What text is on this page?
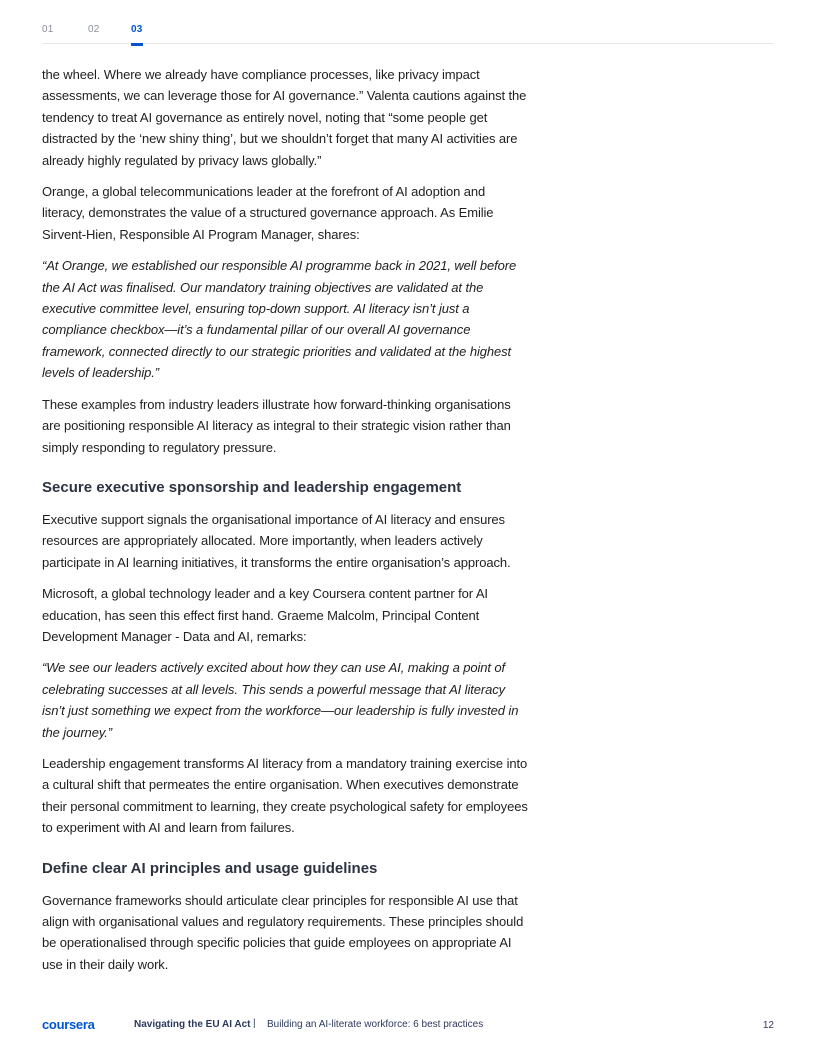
01	02	03

the wheel. Where we already have compliance processes, like privacy impact assessments, we can leverage those for AI governance.” Valenta cautions against the tendency to treat AI governance as entirely novel, noting that “some people get distracted by the ‘new shiny thing’, but we shouldn’t forget that many AI activities are already highly regulated by privacy laws globally.”

Orange, a global telecommunications leader at the forefront of AI adoption and literacy, demonstrates the value of a structured governance approach. As Emilie Sirvent-Hien, Responsible AI Program Manager, shares:

“At Orange, we established our responsible AI programme back in 2021, well before the AI Act was finalised. Our mandatory training objectives are validated at the executive committee level, ensuring top-down support. AI literacy isn’t just a compliance checkbox—it’s a fundamental pillar of our overall AI governance framework, connected directly to our strategic priorities and validated at the highest levels of leadership.”

These examples from industry leaders illustrate how forward-thinking organisations are positioning responsible AI literacy as integral to their strategic vision rather than simply responding to regulatory pressure.

Secure executive sponsorship and leadership engagement

Executive support signals the organisational importance of AI literacy and ensures resources are appropriately allocated. More importantly, when leaders actively participate in AI learning initiatives, it transforms the entire organisation’s approach.

Microsoft, a global technology leader and a key Coursera content partner for AI education, has seen this effect first hand. Graeme Malcolm, Principal Content Development Manager - Data and AI, remarks:

“We see our leaders actively excited about how they can use AI, making a point of celebrating successes at all levels. This sends a powerful message that AI literacy isn’t just something we expect from the workforce—our leadership is fully invested in the journey.”

Leadership engagement transforms AI literacy from a mandatory training exercise into a cultural shift that permeates the entire organisation. When executives demonstrate their personal commitment to learning, they create psychological safety for employees to experiment with AI and learn from failures.

Define clear AI principles and usage guidelines

Governance frameworks should articulate clear principles for responsible AI use that align with organisational values and regulatory requirements. These principles should be operationalised through specific policies that guide employees on appropriate AI use in their daily work.

coursera	Navigating the EU AI Act | Building an AI-literate workforce: 6 best practices	12
